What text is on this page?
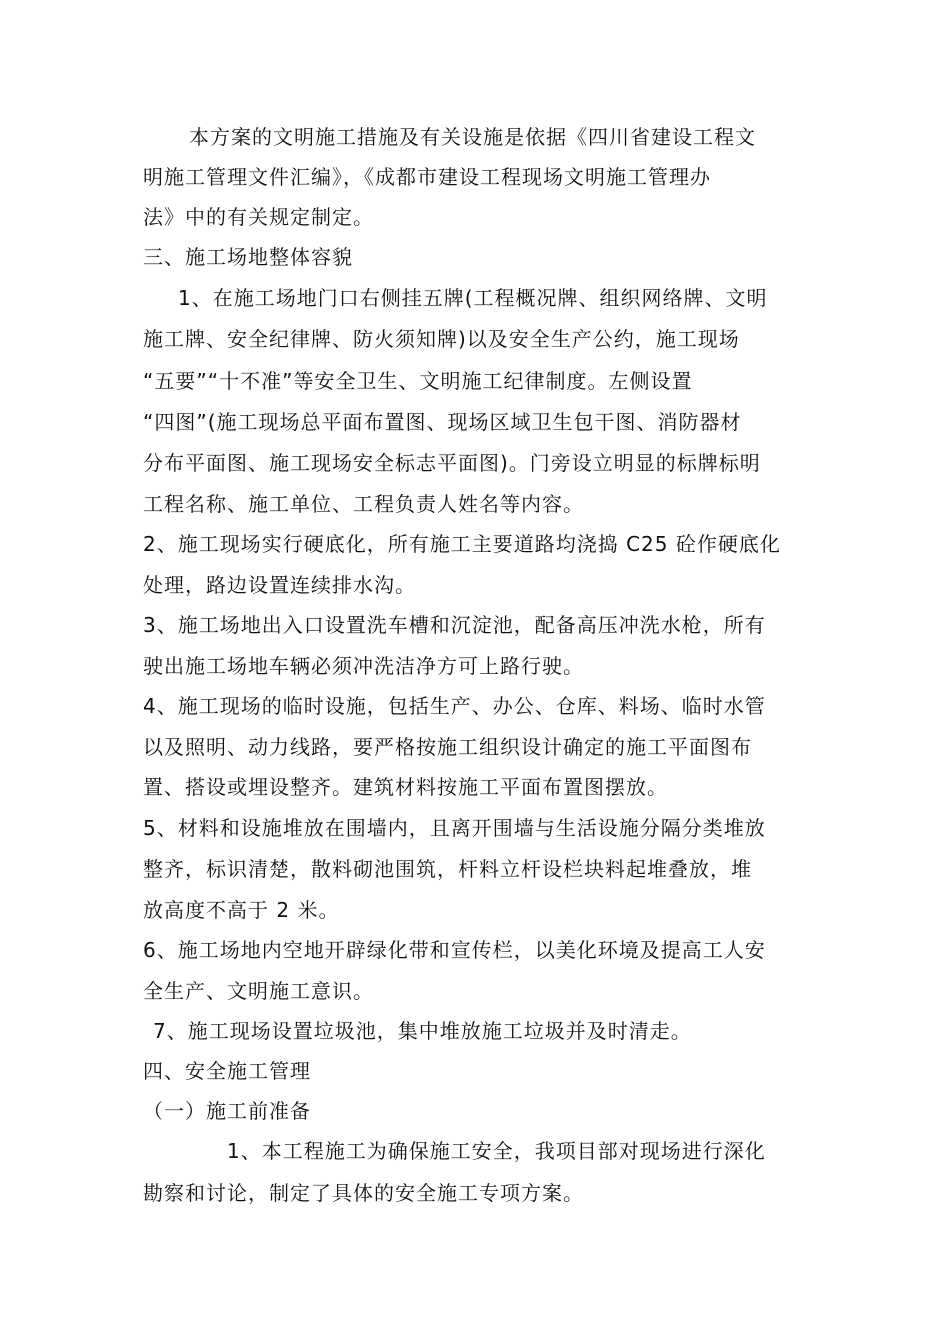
本方案的文明施工措施及有关设施是依据《四川省建设工程文
明施工管理文件汇编》，《成都市建设工程现场文明施工管理办
法》中的有关规定制定。
三、施工场地整体容貌
1、在施工场地门口右侧挂五牌(工程概况牌、组织网络牌、文明
施工牌、安全纪律牌、防火须知牌)以及安全生产公约，施工现场
“五要”“十不准”等安全卫生、文明施工纪律制度。左侧设置
“四图”(施工现场总平面布置图、现场区域卫生包干图、消防器材
分布平面图、施工现场安全标志平面图)。门旁设立明显的标牌标明
工程名称、施工单位、工程负责人姓名等内容。
2、施工现场实行硬底化，所有施工主要道路均浇捣 C25 砼作硬底化
处理，路边设置连续排水沟。
3、施工场地出入口设置洗车槽和沉淀池，配备高压冲洗水枪，所有
驶出施工场地车辆必须冲洗洁净方可上路行驶。
4、施工现场的临时设施，包括生产、办公、仓库、料场、临时水管
以及照明、动力线路，要严格按施工组织设计确定的施工平面图布
置、搭设或埋设整齐。建筑材料按施工平面布置图摆放。
5、材料和设施堆放在围墙内，且离开围墙与生活设施分隔分类堆放
整齐，标识清楚，散料砌池围筑，杆料立杆设栏块料起堆叠放，堆
放高度不高于 2 米。
6、施工场地内空地开辟绿化带和宣传栏，以美化环境及提高工人安
全生产、文明施工意识。
7、施工现场设置垃圾池，集中堆放施工垃圾并及时清走。
四、安全施工管理
（一）施工前准备
1、本工程施工为确保施工安全，我项目部对现场进行深化
勘察和讨论，制定了具体的安全施工专项方案。
